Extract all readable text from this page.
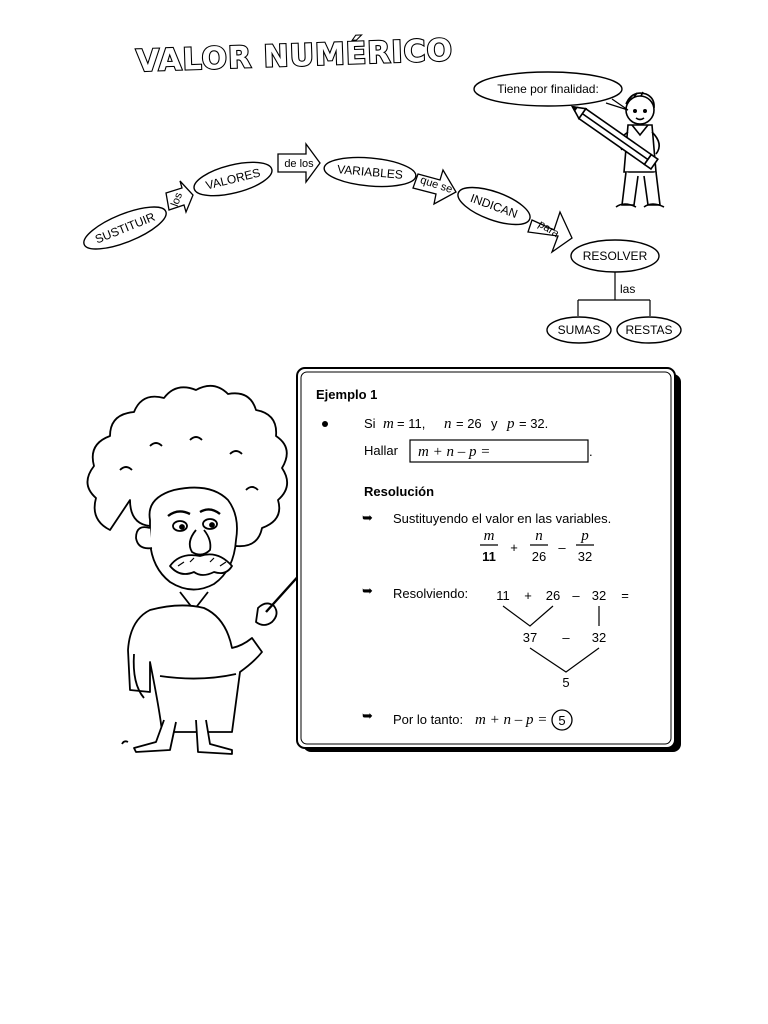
VALOR NUMÉRICO
Tiene por finalidad:
SUSTITUIR
los
VALORES
de los VARIABLES
que se
INDICAN
para
RESOLVER
las
SUMAS RESTAS
Ejemplo 1
Si m = 11, n = 26 y p = 32.
Hallar m + n – p =	.
Resolución
➥ Sustituyendo el valor en las variables.
m
11
+
n
26
–
p
32
➥ Resolviendo: 11 + 26 – 32 =
37 – 32
5
➥ Por lo tanto: m + n – p = 5
